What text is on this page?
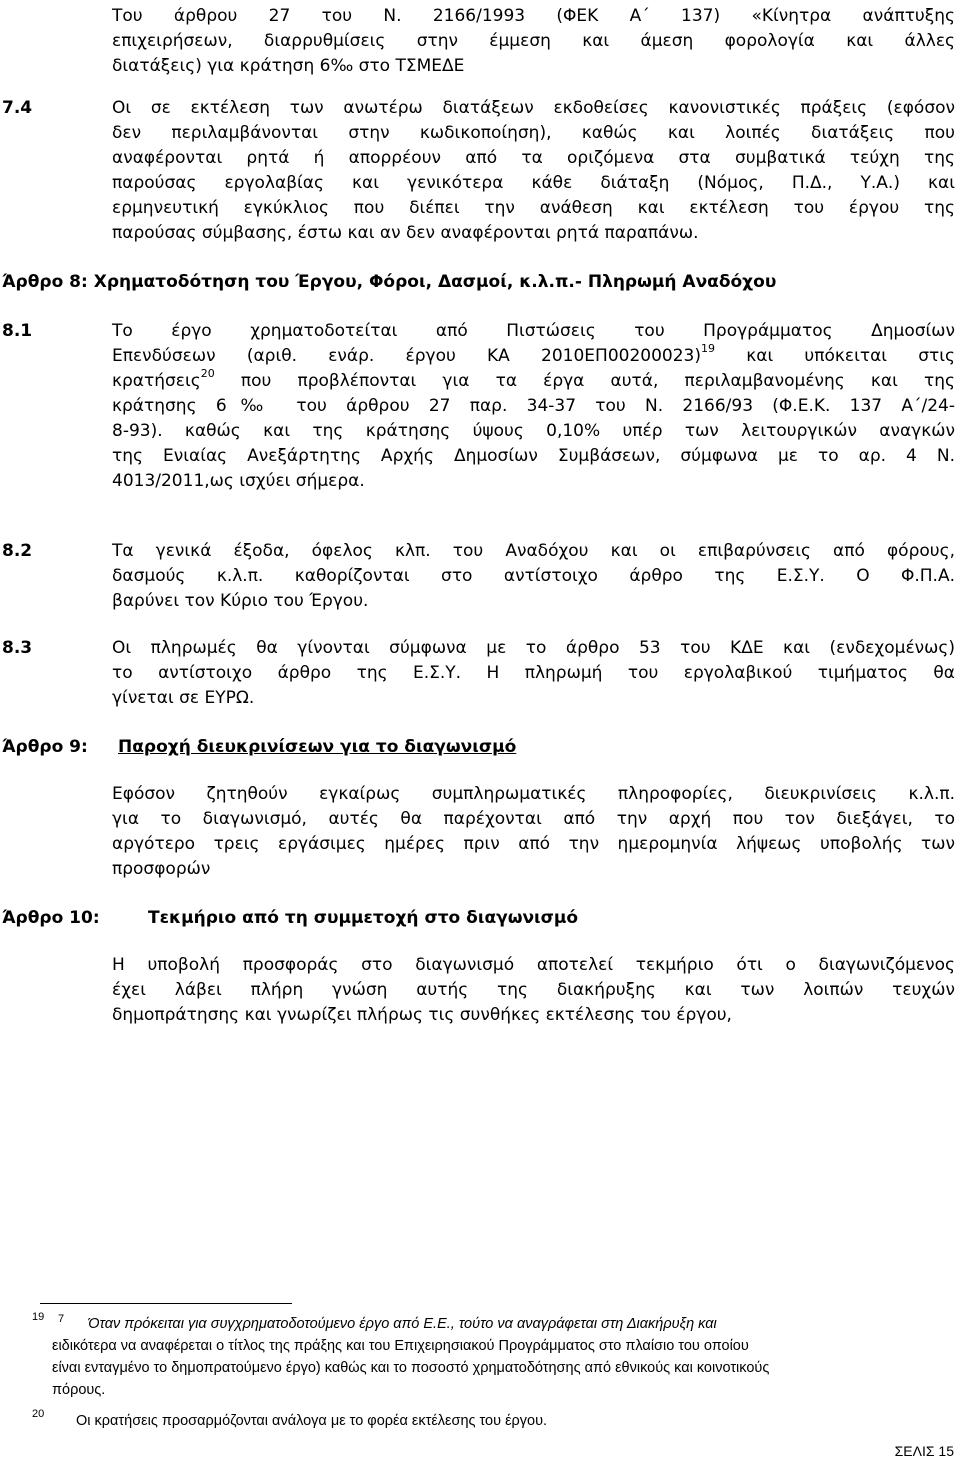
Του άρθρου 27 του Ν. 2166/1993 (ΦΕΚ Α΄ 137) «Κίνητρα ανάπτυξης
επιχειρήσεων, διαρρυθμίσεις στην έμμεση και άμεση φορολογία και άλλες
διατάξεις) για κράτηση 6‰ στο ΤΣΜΕΔΕ
7.4	Οι σε εκτέλεση των ανωτέρω διατάξεων εκδοθείσες κανονιστικές πράξεις (εφόσον
δεν περιλαμβάνονται στην κωδικοποίηση), καθώς και λοιπές διατάξεις που
αναφέρονται ρητά ή απορρέουν από τα οριζόμενα στα συμβατικά τεύχη της
παρούσας εργολαβίας και γενικότερα κάθε διάταξη (Νόμος, Π.Δ., Υ.Α.) και
ερμηνευτική εγκύκλιος που διέπει την ανάθεση και εκτέλεση του έργου της
παρούσας σύμβασης, έστω και αν δεν αναφέρονται ρητά παραπάνω.
Άρθρο 8: Χρηματοδότηση του Έργου, Φόροι, Δασμοί, κ.λ.π.- Πληρωμή Αναδόχου
8.1	Το έργο χρηματοδοτείται από Πιστώσεις του Προγράμματος Δημοσίων
Επενδύσεων (αριθ. ενάρ. έργου ΚΑ 2010ΕΠ00200023)$^{19}$ και υπόκειται στις
κρατήσεις$^{20}$ που προβλέπονται για τα έργα αυτά, περιλαμβανομένης και της
κράτησης 6‰ του άρθρου 27 παρ. 34-37 του Ν. 2166/93 (Φ.Ε.Κ. 137 Α΄/24-
8-93). καθώς και της κράτησης ύψους 0,10% υπέρ των λειτουργικών αναγκών
της Ενιαίας Ανεξάρτητης Αρχής Δημοσίων Συμβάσεων, σύμφωνα με το αρ. 4 Ν.
4013/2011,ως ισχύει σήμερα.
8.2	Τα γενικά έξοδα, όφελος κλπ. του Αναδόχου και οι επιβαρύνσεις από φόρους,
δασμούς κ.λ.π. καθορίζονται στο αντίστοιχο άρθρο της Ε.Σ.Υ. Ο Φ.Π.Α.
βαρύνει τον Κύριο του Έργου.
8.3	Οι πληρωμές θα γίνονται σύμφωνα με το άρθρο 53 του ΚΔΕ και (ενδεχομένως)
το αντίστοιχο άρθρο της Ε.Σ.Υ. Η πληρωμή του εργολαβικού τιμήματος θα
γίνεται σε ΕΥΡΩ.
Άρθρο 9: Παροχή διευκρινίσεων για το διαγωνισμό
Εφόσον ζητηθούν εγκαίρως συμπληρωματικές πληροφορίες, διευκρινίσεις κ.λ.π.
για το διαγωνισμό, αυτές θα παρέχονται από την αρχή που τον διεξάγει, το
αργότερο τρεις εργάσιμες ημέρες πριν από την ημερομηνία λήψεως υποβολής των
προσφορών
Άρθρο 10:	Τεκμήριο από τη συμμετοχή στο διαγωνισμό
Η υποβολή προσφοράς στο διαγωνισμό αποτελεί τεκμήριο ότι ο διαγωνιζόμενος
έχει λάβει πλήρη γνώση αυτής της διακήρυξης και των λοιπών τευχών
δημοπράτησης και γνωρίζει πλήρως τις συνθήκες εκτέλεσης του έργου,
19 7 Όταν πρόκειται για συγχρηματοδοτούμενο έργο από Ε.Ε., τούτο να αναγράφεται στη Διακήρυξη και
ειδικότερα να αναφέρεται ο τίτλος της πράξης και του Επιχειρησιακού Προγράμματος στο πλαίσιο του οποίου
είναι ενταγμένο το δημοπρατούμενο έργο) καθώς και το ποσοστό χρηματοδότησης από εθνικούς και κοινοτικούς
πόρους.
20 Οι κρατήσεις προσαρμόζονται ανάλογα με το φορέα εκτέλεσης του έργου.
ΣΕΛΙΣ 15
